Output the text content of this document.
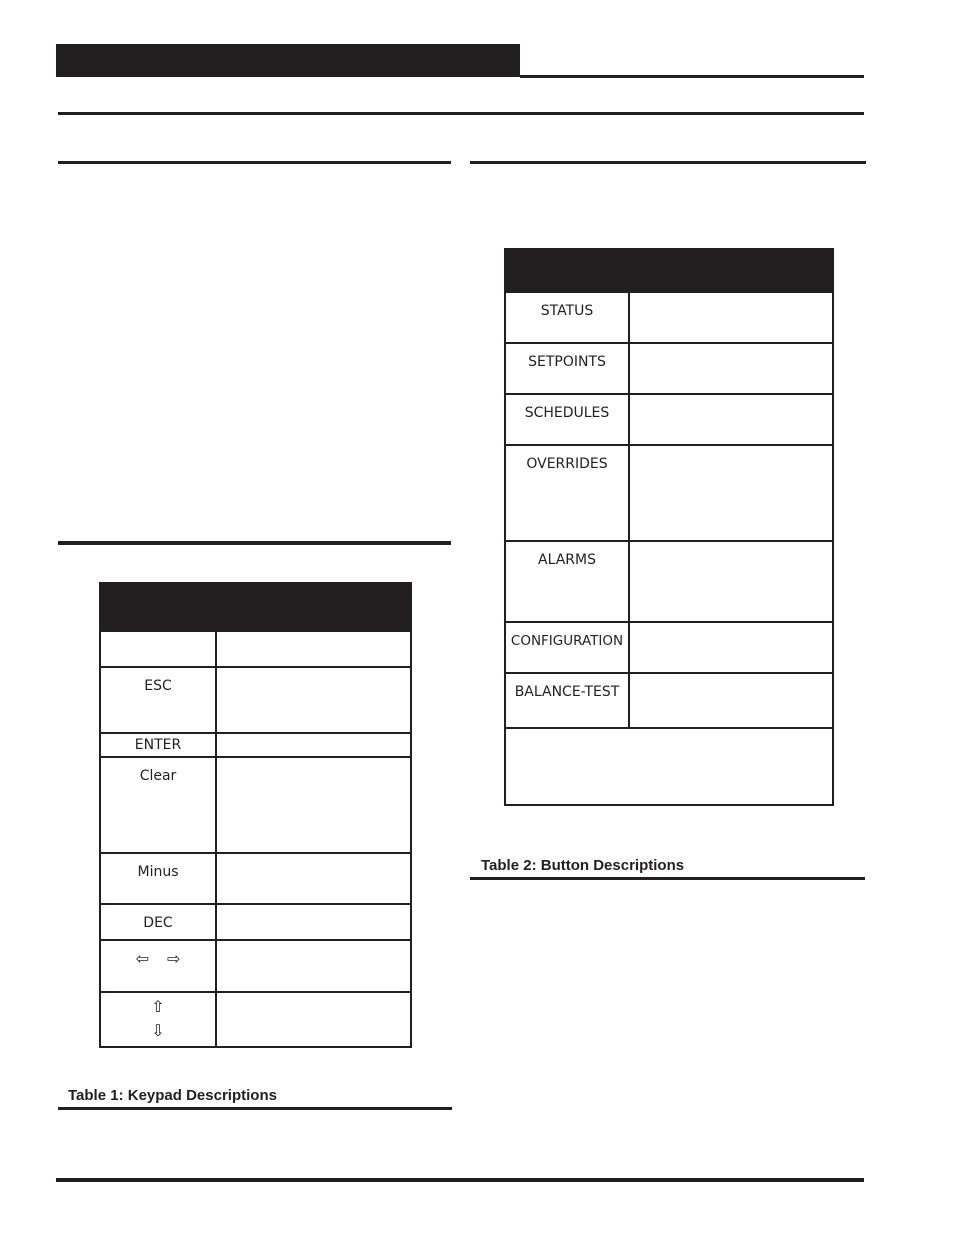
ESC	
ENTER	
Clear	
Minus	
DEC	
⇦ ⇨	

⇧
⇩	

Table 1: Keypad Descriptions

STATUS	
SETPOINTS	
SCHEDULES	
OVERRIDES	
ALARMS	
CONFIGURATION	
BALANCE-TEST	

Table 2: Button Descriptions
